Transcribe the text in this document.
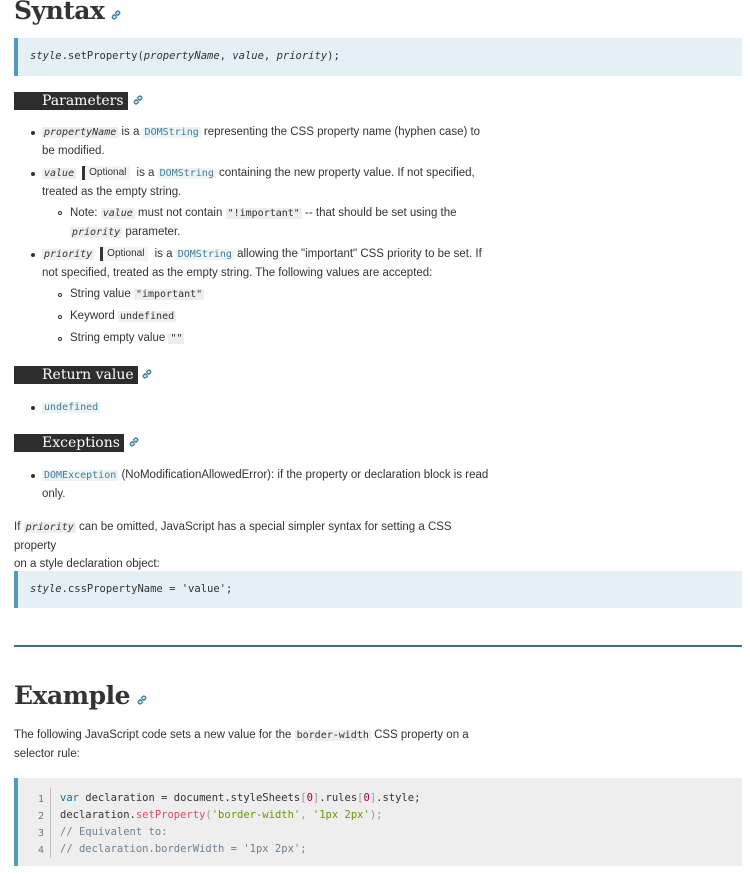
Syntax
style.setProperty(propertyName, value, priority);
Parameters
propertyName is a DOMString representing the CSS property name (hyphen case) to
be modified.
value Optional is a DOMString containing the new property value. If not specified,
treated as the empty string.
Note: value must not contain "!important" -- that should be set using the
priority parameter.
priority Optional is a DOMString allowing the "important" CSS priority to be set. If
not specified, treated as the empty string. The following values are accepted:
String value "important"
Keyword undefined
String empty value ""
Return value
undefined
Exceptions
DOMException (NoModificationAllowedError): if the property or declaration block is read
only.
If priority can be omitted, JavaScript has a special simpler syntax for setting a CSS property
on a style declaration object:
style.cssPropertyName = 'value';
Example
The following JavaScript code sets a new value for the border-width CSS property on a
selector rule:
1
2
3
4
var declaration = document.styleSheets[0].rules[0].style;
declaration.setProperty('border-width', '1px 2px');
// Equivalent to:
// declaration.borderWidth = '1px 2px';
